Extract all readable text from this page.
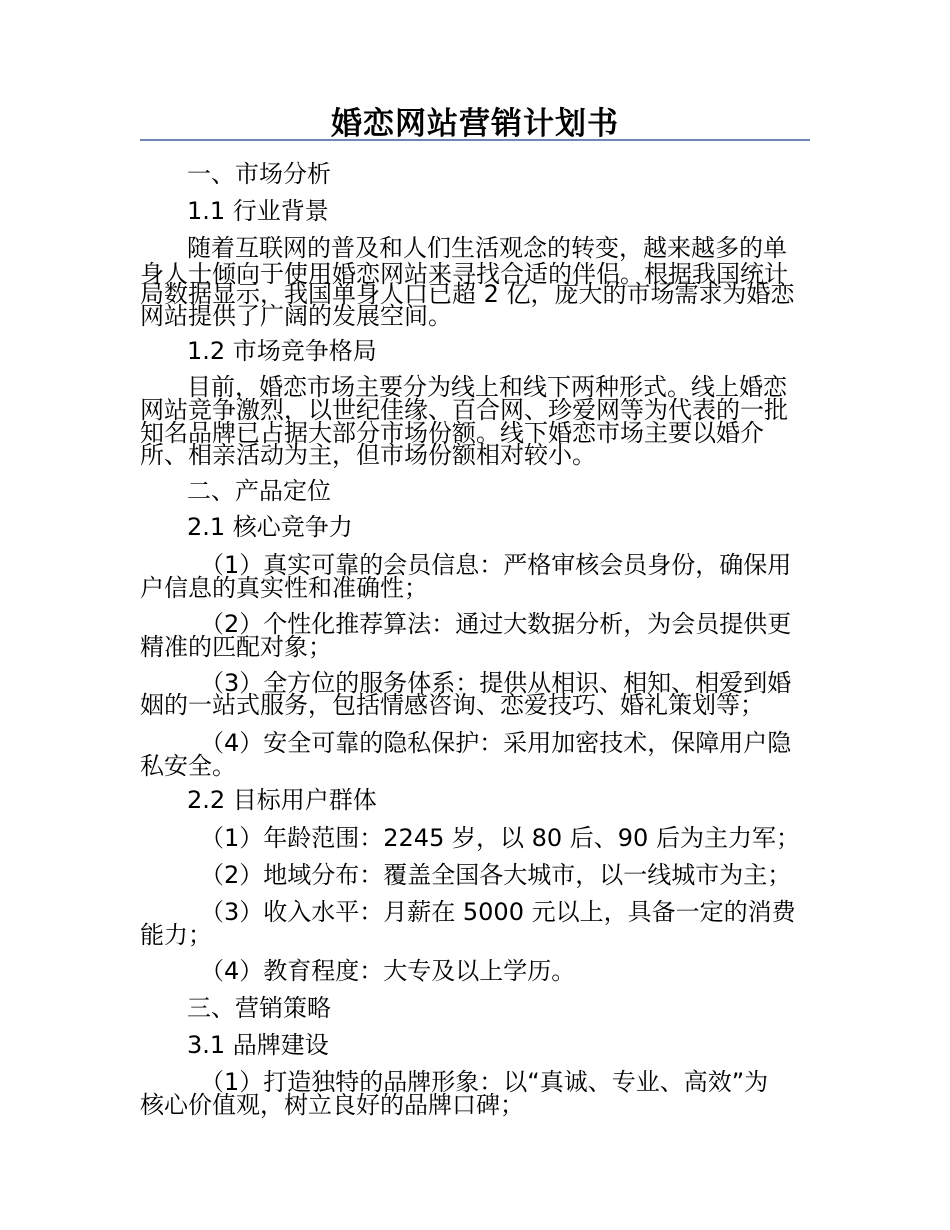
婚恋网站营销计划书
一、市场分析
1.1 行业背景
随着互联网的普及和人们生活观念的转变，越来越多的单
身人士倾向于使用婚恋网站来寻找合适的伴侣。根据我国统计
局数据显示，我国单身人口已超 2 亿，庞大的市场需求为婚恋
网站提供了广阔的发展空间。
1.2 市场竞争格局
目前，婚恋市场主要分为线上和线下两种形式。线上婚恋
网站竞争激烈，以世纪佳缘、百合网、珍爱网等为代表的一批
知名品牌已占据大部分市场份额。线下婚恋市场主要以婚介
所、相亲活动为主，但市场份额相对较小。
二、产品定位
2.1 核心竞争力
（1）真实可靠的会员信息：严格审核会员身份，确保用
户信息的真实性和准确性；
（2）个性化推荐算法：通过大数据分析，为会员提供更
精准的匹配对象；
（3）全方位的服务体系：提供从相识、相知、相爱到婚
姻的一站式服务，包括情感咨询、恋爱技巧、婚礼策划等；
（4）安全可靠的隐私保护：采用加密技术，保障用户隐
私安全。
2.2 目标用户群体
（1）年龄范围：2245 岁，以 80 后、90 后为主力军；
（2）地域分布：覆盖全国各大城市，以一线城市为主；
（3）收入水平：月薪在 5000 元以上，具备一定的消费
能力；
（4）教育程度：大专及以上学历。
三、营销策略
3.1 品牌建设
（1）打造独特的品牌形象：以“真诚、专业、高效”为
核心价值观，树立良好的品牌口碑；
